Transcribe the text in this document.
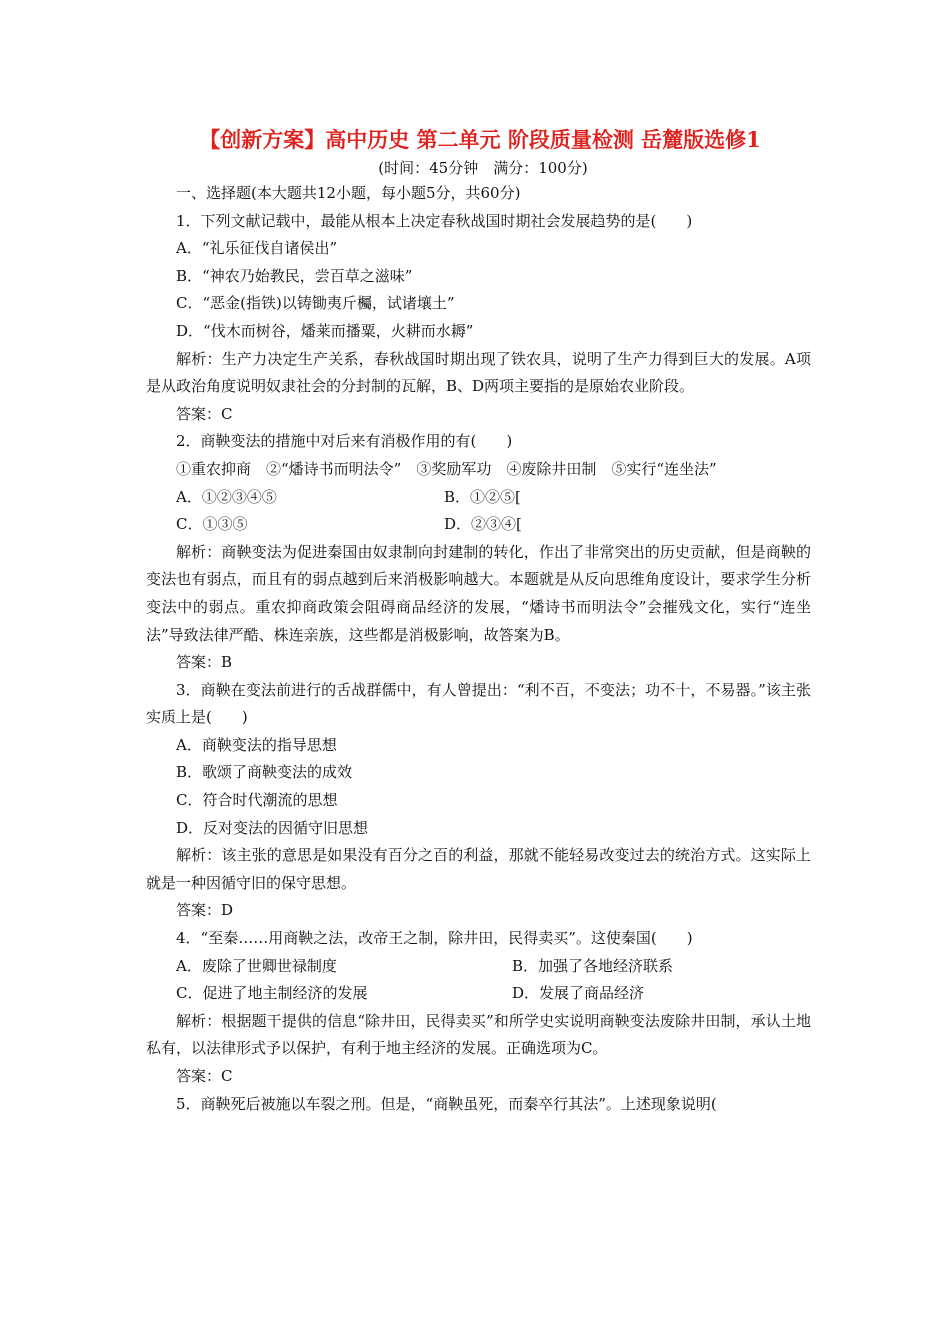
【创新方案】高中历史 第二单元 阶段质量检测 岳麓版选修1
(时间：45分钟　满分：100分)
一、选择题(本大题共12小题，每小题5分，共60分)
1．下列文献记载中，最能从根本上决定春秋战国时期社会发展趋势的是(　　)
A．“礼乐征伐自诸侯出”
B．“神农乃始教民，尝百草之滋味”
C．“恶金(指铁)以铸锄夷斤欘，试诸壤土”
D．“伐木而树谷，燔莱而播粟，火耕而水耨”
解析：生产力决定生产关系，春秋战国时期出现了铁农具，说明了生产力得到巨大的发展。A项是从政治角度说明奴隶社会的分封制的瓦解，B、D两项主要指的是原始农业阶段。
答案：C
2．商鞅变法的措施中对后来有消极作用的有(　　)
①重农抑商　②“燔诗书而明法令”　③奖励军功　④废除井田制　⑤实行“连坐法”
A．①②③④⑤	B．①②⑤[
C．①③⑤	D．②③④[
解析：商鞅变法为促进秦国由奴隶制向封建制的转化，作出了非常突出的历史贡献，但是商鞅的变法也有弱点，而且有的弱点越到后来消极影响越大。本题就是从反向思维角度设计，要求学生分析变法中的弱点。重农抑商政策会阻碍商品经济的发展，“燔诗书而明法令”会摧残文化，实行“连坐法”导致法律严酷、株连亲族，这些都是消极影响，故答案为B。
答案：B
3．商鞅在变法前进行的舌战群儒中，有人曾提出：“利不百，不变法；功不十，不易器。”该主张实质上是(　　)
A．商鞅变法的指导思想
B．歌颂了商鞅变法的成效
C．符合时代潮流的思想
D．反对变法的因循守旧思想
解析：该主张的意思是如果没有百分之百的利益，那就不能轻易改变过去的统治方式。这实际上就是一种因循守旧的保守思想。
答案：D
4．“至秦……用商鞅之法，改帝王之制，除井田，民得卖买”。这使秦国(　　)
A．废除了世卿世禄制度	B．加强了各地经济联系
C．促进了地主制经济的发展	D．发展了商品经济
解析：根据题干提供的信息“除井田，民得卖买”和所学史实说明商鞅变法废除井田制，承认土地私有，以法律形式予以保护，有利于地主经济的发展。正确选项为C。
答案：C
5．商鞅死后被施以车裂之刑。但是，“商鞅虽死，而秦卒行其法”。上述现象说明(
